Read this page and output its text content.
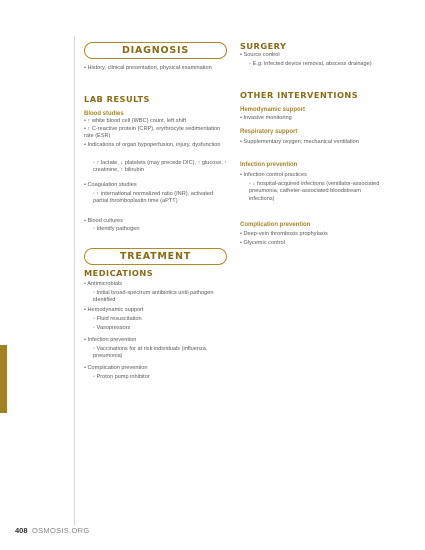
DIAGNOSIS
• History, clinical presentation, physical examination
LAB RESULTS
Blood studies
• ↑ white blood cell (WBC) count, left shift
• ↑ C-reactive protein (CRP), erythrocyte sedimentation rate (ESR)
• Indications of organ hypoperfusion, injury, dysfunction
◦ ↑ lactate, ↓ platelets (may precede DIC), ↑ glucose, ↑ creatinine, ↑ bilirubin
• Coagulation studies
◦ ↑ international normalized ratio (INR), activated partial thromboplastin time (aPTT)
• Blood cultures
◦ Identify pathogen
TREATMENT
MEDICATIONS
• Antimicrobials
◦ Initial broad-spectrum antibiotics until pathogen identified
• Hemodynamic support
◦ Fluid resuscitation
◦ Vasopressors
• Infection prevention
◦ Vaccinations for at risk individuals (influenza, pneumonia)
• Complication prevention
◦ Proton pump inhibitor
SURGERY
• Source control
◦ E.g. infected device removal, abscess drainage)
OTHER INTERVENTIONS
Hemodynamic support
• Invasive monitoring
Respiratory support
• Supplementary oxygen; mechanical ventilation
Infection prevention
• Infection control practices
◦ ↓ hospital-acquired infections (ventilator-associated pneumonia; catheter-associated bloodstream infections)
Complication prevention
• Deep-vein thrombosis prophylaxis
• Glycemic control
408 OSMOSIS.ORG
